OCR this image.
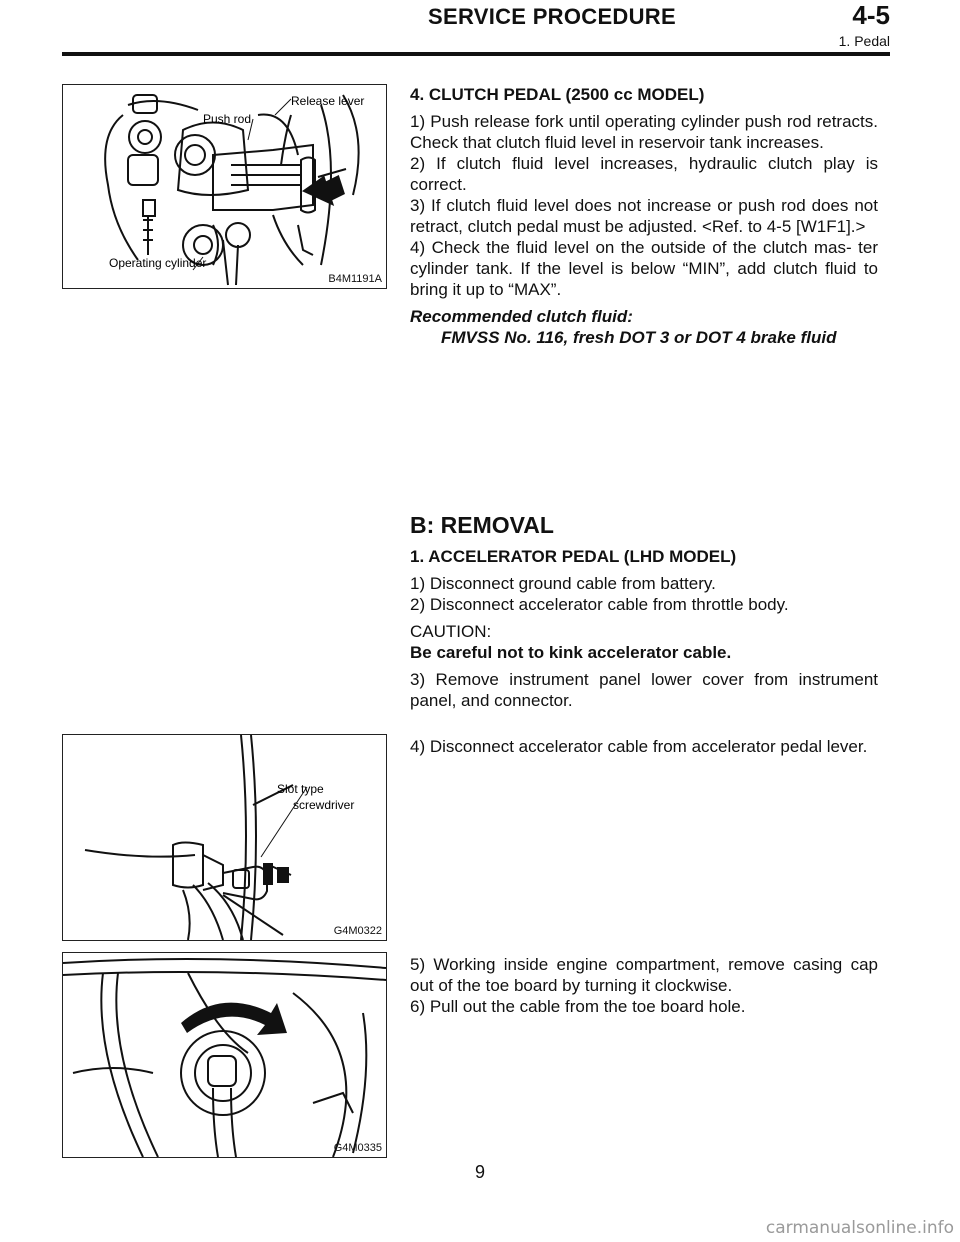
SERVICE PROCEDURE	4-5
1. Pedal
Release lever
Push rod
Operating cylinder
B4M1191A
Slot type
screwdriver
G4M0322
G4M0335

4. CLUTCH PEDAL (2500 cc MODEL)

1) Push release fork until operating cylinder push rod retracts. Check that clutch fluid level in reservoir tank increases.

2) If clutch fluid level increases, hydraulic clutch play is correct.

3) If clutch fluid level does not increase or push rod does not retract, clutch pedal must be adjusted. <Ref. to 4-5 [W1F1].>

4) Check the fluid level on the outside of the clutch mas- ter cylinder tank. If the level is below “MIN”, add clutch fluid to bring it up to “MAX”.

Recommended clutch fluid:

FMVSS No. 116, fresh DOT 3 or DOT 4 brake fluid

B: REMOVAL

1. ACCELERATOR PEDAL (LHD MODEL)

1) Disconnect ground cable from battery.

2) Disconnect accelerator cable from throttle body.

CAUTION:

Be careful not to kink accelerator cable.

3) Remove instrument panel lower cover from instrument panel, and connector.

4) Disconnect accelerator cable from accelerator pedal lever.

5) Working inside engine compartment, remove casing cap out of the toe board by turning it clockwise.

6) Pull out the cable from the toe board hole.

9
carmanualsonline.info
